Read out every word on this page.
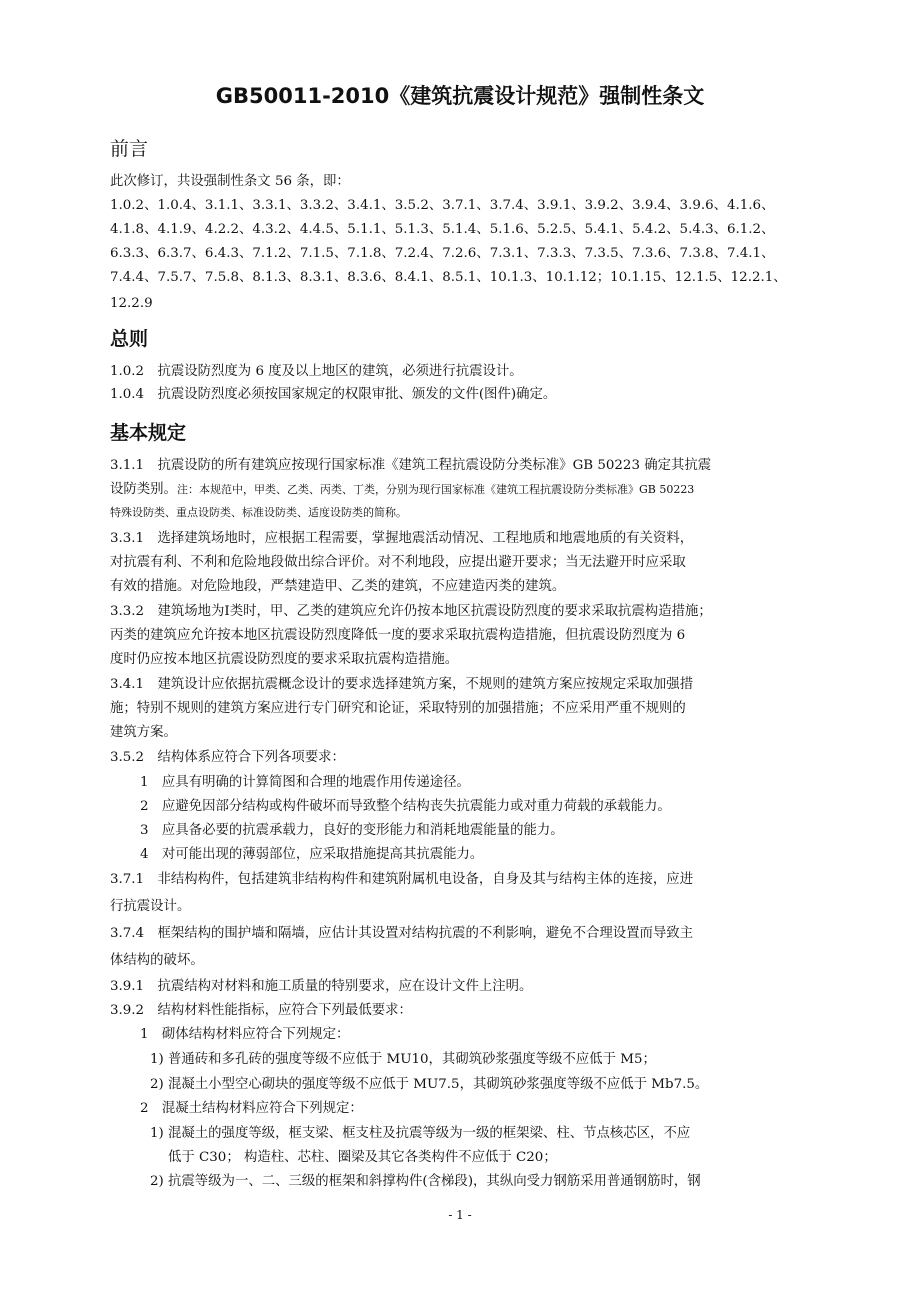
GB50011-2010《建筑抗震设计规范》强制性条文
前言
此次修订，共设强制性条文 56 条，即：
1.0.2、1.0.4、3.1.1、3.3.1、3.3.2、3.4.1、3.5.2、3.7.1、3.7.4、3.9.1、3.9.2、3.9.4、3.9.6、4.1.6、
4.1.8、4.1.9、4.2.2、4.3.2、4.4.5、5.1.1、5.1.3、5.1.4、5.1.6、5.2.5、5.4.1、5.4.2、5.4.3、6.1.2、
6.3.3、6.3.7、6.4.3、7.1.2、7.1.5、7.1.8、7.2.4、7.2.6、7.3.1、7.3.3、7.3.5、7.3.6、7.3.8、7.4.1、
7.4.4、7.5.7、7.5.8、8.1.3、8.3.1、8.3.6、8.4.1、8.5.1、10.1.3、10.1.12；10.1.15、12.1.5、12.2.1、
12.2.9
总则
1.0.2　抗震设防烈度为 6 度及以上地区的建筑，必须进行抗震设计。
1.0.4　抗震设防烈度必须按国家规定的权限审批、颁发的文件(图件)确定。
基本规定
3.1.1　抗震设防的所有建筑应按现行国家标准《建筑工程抗震设防分类标准》GB 50223 确定其抗震
设防类别。注：本规范中，甲类、乙类、丙类、丁类，分别为现行国家标准《建筑工程抗震设防分类标准》GB 50223
特殊设防类、重点设防类、标准设防类、适度设防类的简称。
3.3.1　选择建筑场地时，应根据工程需要，掌握地震活动情况、工程地质和地震地质的有关资料，
对抗震有利、不利和危险地段做出综合评价。对不利地段，应提出避开要求；当无法避开时应采取
有效的措施。对危险地段，严禁建造甲、乙类的建筑，不应建造丙类的建筑。
3.3.2　建筑场地为Ⅰ类时，甲、乙类的建筑应允许仍按本地区抗震设防烈度的要求采取抗震构造措施；
丙类的建筑应允许按本地区抗震设防烈度降低一度的要求采取抗震构造措施，但抗震设防烈度为 6
度时仍应按本地区抗震设防烈度的要求采取抗震构造措施。
3.4.1　建筑设计应依据抗震概念设计的要求选择建筑方案，不规则的建筑方案应按规定采取加强措
施；特别不规则的建筑方案应进行专门研究和论证，采取特别的加强措施；不应采用严重不规则的
建筑方案。
3.5.2　结构体系应符合下列各项要求：
1　应具有明确的计算简图和合理的地震作用传递途径。
2　应避免因部分结构或构件破坏而导致整个结构丧失抗震能力或对重力荷载的承载能力。
3　应具备必要的抗震承载力，良好的变形能力和消耗地震能量的能力。
4　对可能出现的薄弱部位，应采取措施提高其抗震能力。
3.7.1　非结构构件，包括建筑非结构构件和建筑附属机电设备，自身及其与结构主体的连接，应进
行抗震设计。
3.7.4　框架结构的围护墙和隔墙，应估计其设置对结构抗震的不利影响，避免不合理设置而导致主
体结构的破坏。
3.9.1　抗震结构对材料和施工质量的特别要求，应在设计文件上注明。
3.9.2　结构材料性能指标，应符合下列最低要求：
1　砌体结构材料应符合下列规定：
1) 普通砖和多孔砖的强度等级不应低于 MU10，其砌筑砂浆强度等级不应低于 M5；
2) 混凝土小型空心砌块的强度等级不应低于 MU7.5，其砌筑砂浆强度等级不应低于 Mb7.5。
2　混凝土结构材料应符合下列规定：
1) 混凝土的强度等级，框支梁、框支柱及抗震等级为一级的框架梁、柱、节点核芯区，不应
低于 C30； 构造柱、芯柱、圈梁及其它各类构件不应低于 C20；
2) 抗震等级为一、二、三级的框架和斜撑构件(含梯段)，其纵向受力钢筋采用普通钢筋时，钢
- 1 -
